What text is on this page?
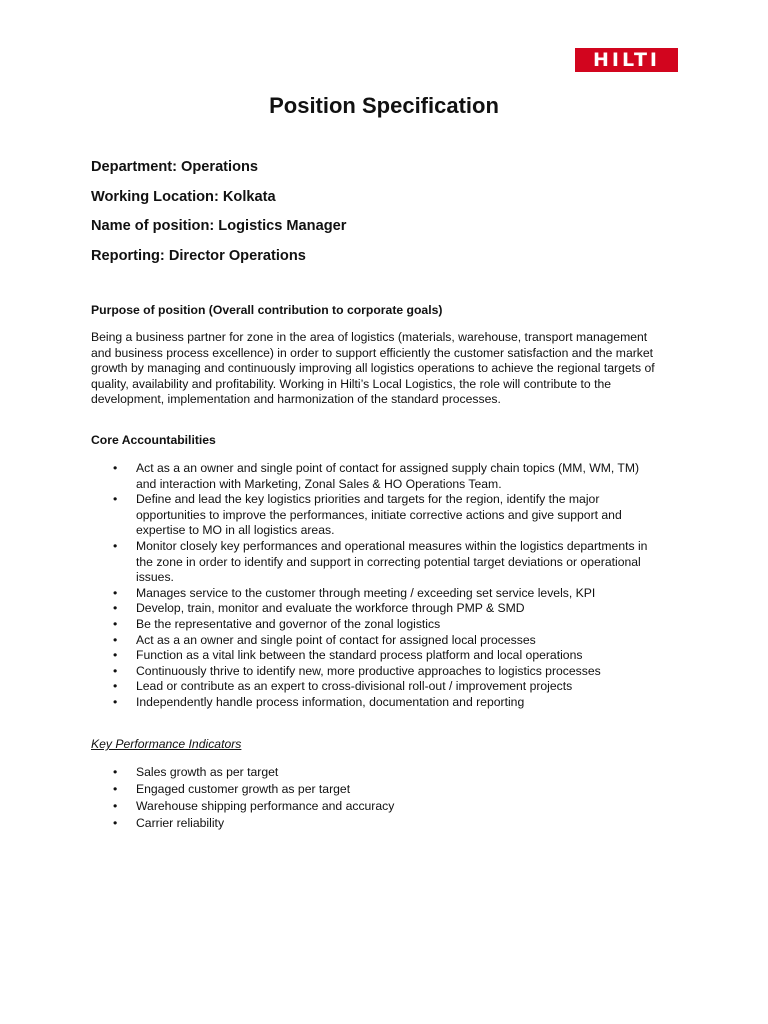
HILTI
Position Specification

Department: Operations

Working Location: Kolkata

Name of position: Logistics Manager

Reporting: Director Operations

Purpose of position (Overall contribution to corporate goals)

Being a business partner for zone in the area of logistics (materials, warehouse, transport management and business process excellence) in order to support efficiently the customer satisfaction and the market growth by managing and continuously improving all logistics operations to achieve the regional targets of quality, availability and profitability. Working in Hilti’s Local Logistics, the role will contribute to the development, implementation and harmonization of the standard processes.

Core Accountabilities

• Act as a an owner and single point of contact for assigned supply chain topics (MM, WM, TM) and interaction with Marketing, Zonal Sales & HO Operations Team.
• Define and lead the key logistics priorities and targets for the region, identify the major opportunities to improve the performances, initiate corrective actions and give support and expertise to MO in all logistics areas.
• Monitor closely key performances and operational measures within the logistics departments in the zone in order to identify and support in correcting potential target deviations or operational issues.
• Manages service to the customer through meeting / exceeding set service levels, KPI
• Develop, train, monitor and evaluate the workforce through PMP & SMD
• Be the representative and governor of the zonal logistics
• Act as a an owner and single point of contact for assigned local processes
• Function as a vital link between the standard process platform and local operations
• Continuously thrive to identify new, more productive approaches to logistics processes
• Lead or contribute as an expert to cross-divisional roll-out / improvement projects
• Independently handle process information, documentation and reporting

Key Performance Indicators

• Sales growth as per target
• Engaged customer growth as per target
• Warehouse shipping performance and accuracy
• Carrier reliability
